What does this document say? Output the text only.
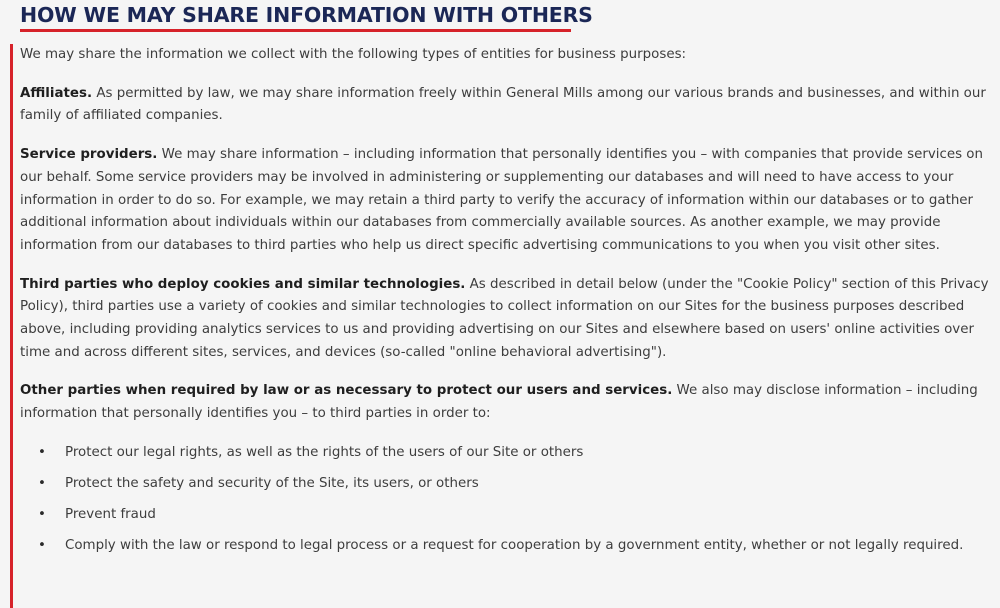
HOW WE MAY SHARE INFORMATION WITH OTHERS

We may share the information we collect with the following types of entities for business purposes:

Affiliates. As permitted by law, we may share information freely within General Mills among our various brands and businesses, and within our family of affiliated companies.

Service providers. We may share information – including information that personally identifies you – with companies that provide services on our behalf. Some service providers may be involved in administering or supplementing our databases and will need to have access to your information in order to do so. For example, we may retain a third party to verify the accuracy of information within our databases or to gather additional information about individuals within our databases from commercially available sources. As another example, we may provide information from our databases to third parties who help us direct specific advertising communications to you when you visit other sites.

Third parties who deploy cookies and similar technologies. As described in detail below (under the "Cookie Policy" section of this Privacy Policy), third parties use a variety of cookies and similar technologies to collect information on our Sites for the business purposes described above, including providing analytics services to us and providing advertising on our Sites and elsewhere based on users' online activities over time and across different sites, services, and devices (so-called "online behavioral advertising").

Other parties when required by law or as necessary to protect our users and services. We also may disclose information – including information that personally identifies you – to third parties in order to:

• Protect our legal rights, as well as the rights of the users of our Site or others
• Protect the safety and security of the Site, its users, or others
• Prevent fraud
• Comply with the law or respond to legal process or a request for cooperation by a government entity, whether or not legally required.
